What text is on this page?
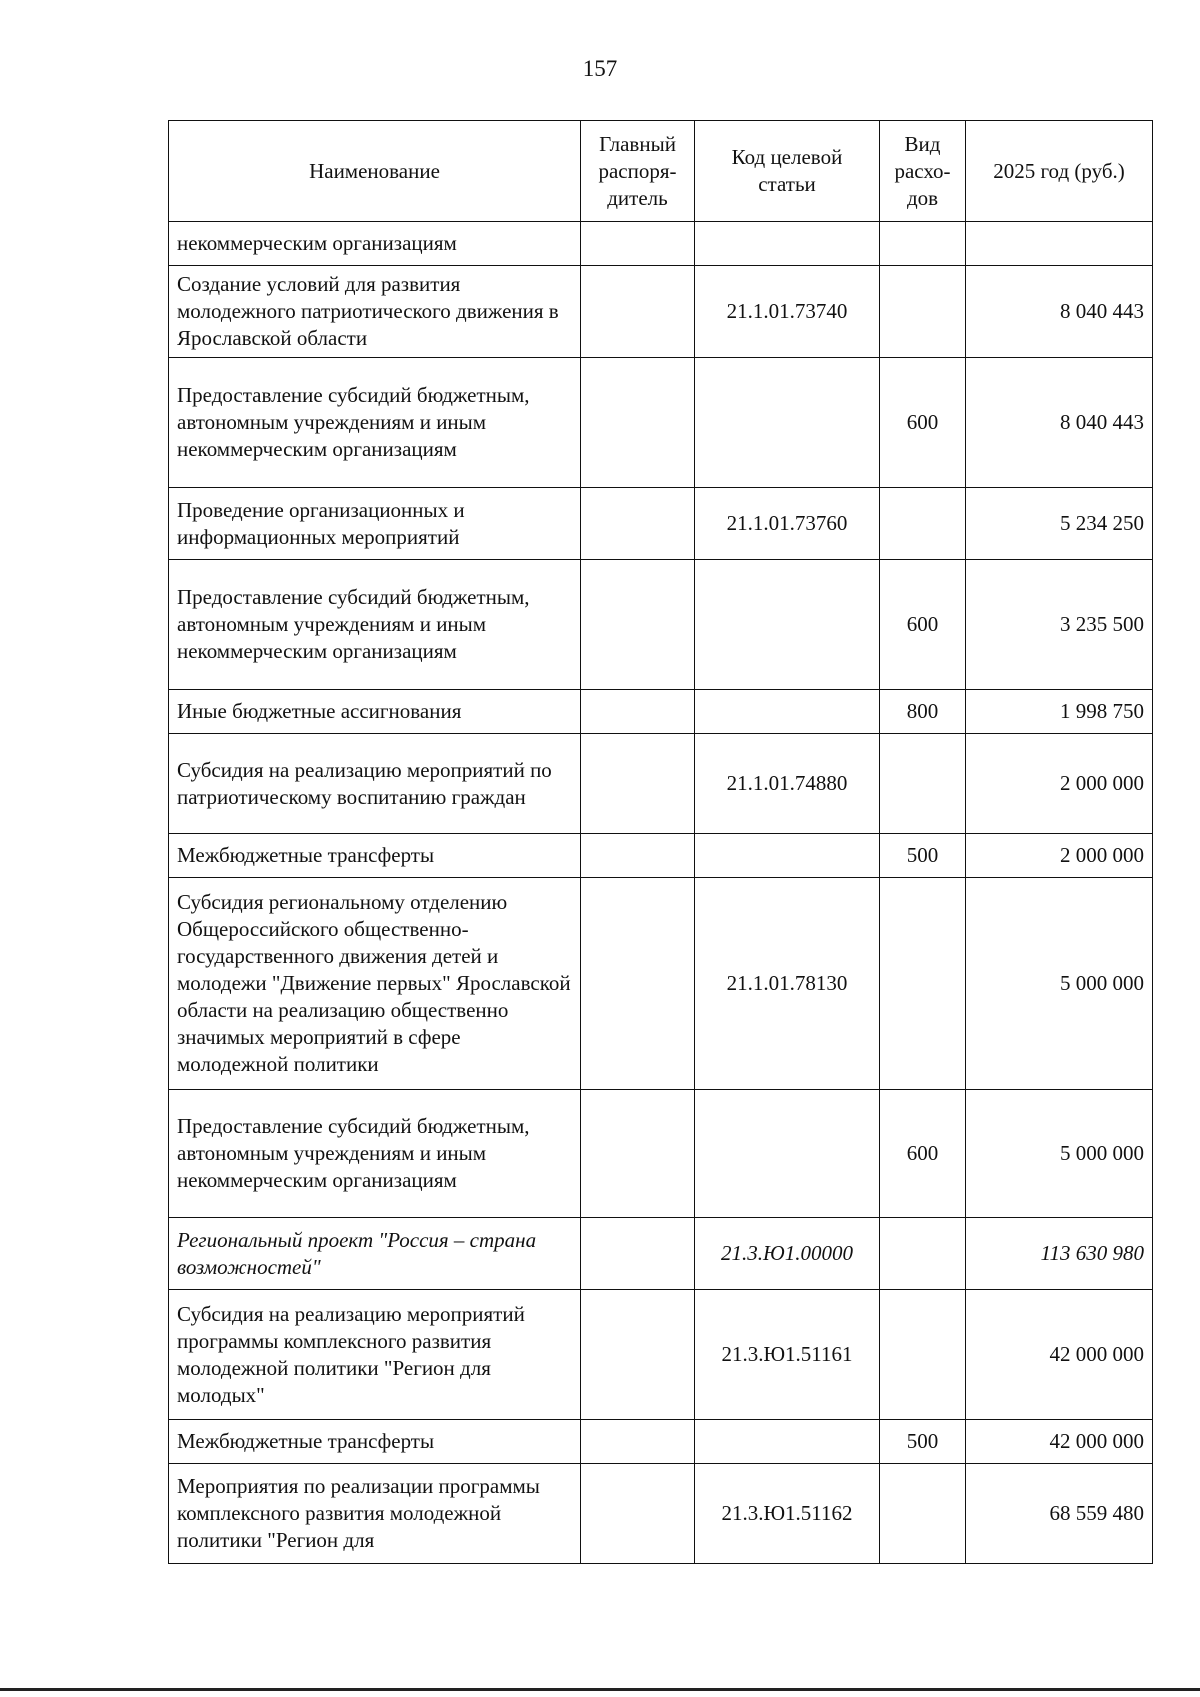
157
Наименование	Главный распоря-дитель	Код целевой статьи	Вид расхо-дов	2025 год (руб.)
некоммерческим организациям				
Создание условий для развития молодежного патриотического движения в Ярославской области		21.1.01.73740		8 040 443
Предоставление субсидий бюджетным, автономным учреждениям и иным некоммерческим организациям			600	8 040 443
Проведение организационных и информационных мероприятий		21.1.01.73760		5 234 250
Предоставление субсидий бюджетным, автономным учреждениям и иным некоммерческим организациям			600	3 235 500
Иные бюджетные ассигнования			800	1 998 750
Субсидия на реализацию мероприятий по патриотическому воспитанию граждан		21.1.01.74880		2 000 000
Межбюджетные трансферты			500	2 000 000
Субсидия региональному отделению Общероссийского общественно-государственного движения детей и молодежи "Движение первых" Ярославской области на реализацию общественно значимых мероприятий в сфере молодежной политики		21.1.01.78130		5 000 000
Предоставление субсидий бюджетным, автономным учреждениям и иным некоммерческим организациям			600	5 000 000
Региональный проект "Россия – страна возможностей"		21.3.Ю1.00000		113 630 980
Субсидия на реализацию мероприятий программы комплексного развития молодежной политики "Регион для молодых"		21.3.Ю1.51161		42 000 000
Межбюджетные трансферты			500	42 000 000
Мероприятия по реализации программы комплексного развития молодежной политики "Регион для		21.3.Ю1.51162		68 559 480
